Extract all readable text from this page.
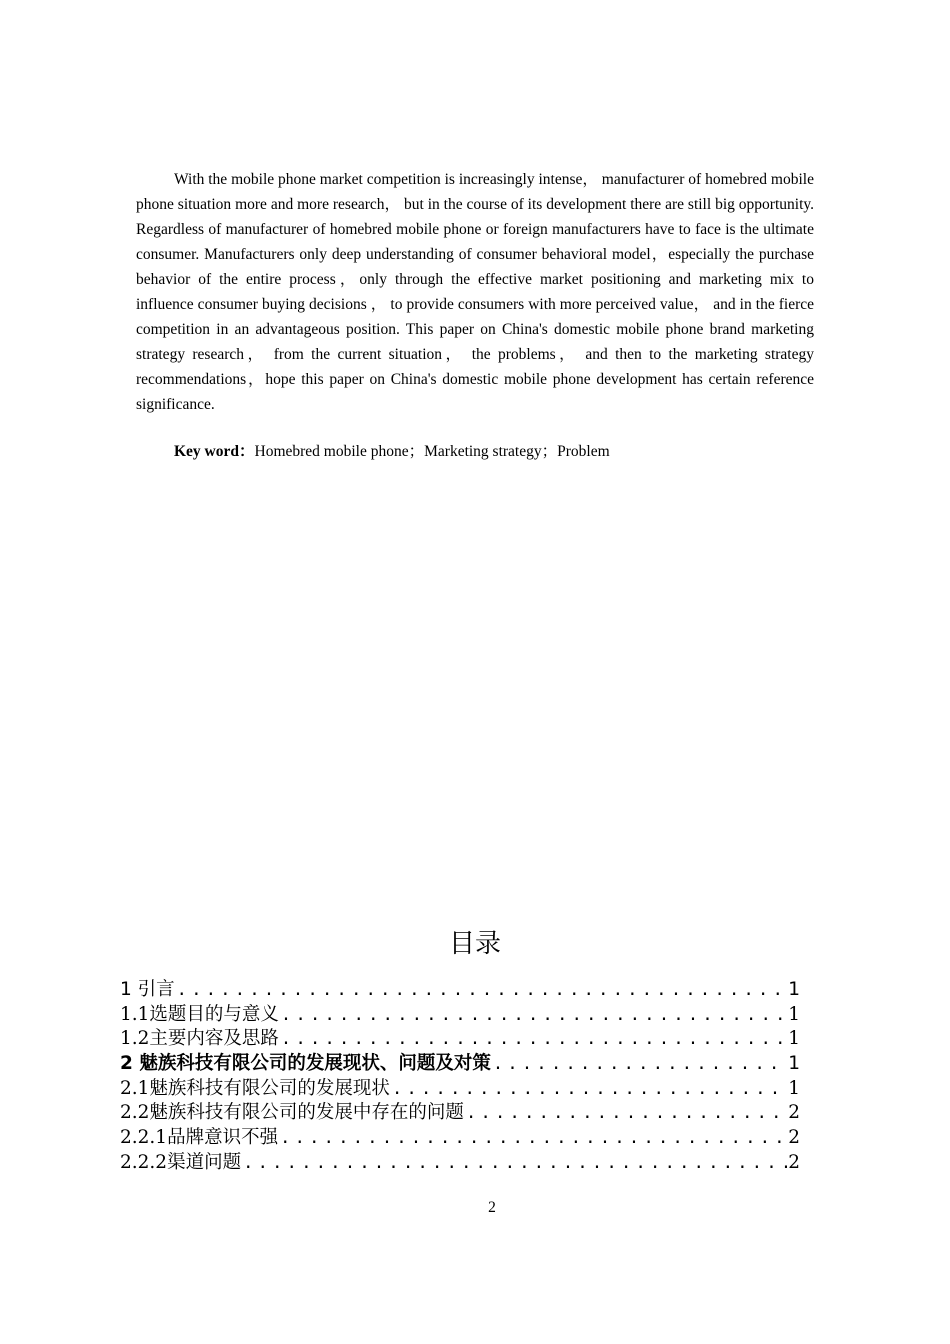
With the mobile phone market competition is increasingly intense， manufacturer of homebred mobile phone situation more and more research， but in the course of its development there are still big opportunity. Regardless of manufacturer of homebred mobile phone or foreign manufacturers have to face is the ultimate consumer. Manufacturers only deep understanding of consumer behavioral model，especially the purchase behavior of the entire process，only through the effective market positioning and marketing mix to influence consumer buying decisions ， to provide consumers with more perceived value， and in the fierce competition in an advantageous position. This paper on China's domestic mobile phone brand marketing strategy research， from the current situation， the problems， and then to the marketing strategy recommendations，hope this paper on China's domestic mobile phone development has certain reference significance.

Key word：Homebred mobile phone；Marketing strategy；Problem
目录
1 引言 .....	1
1.1选题目的与意义 .....	1
1.2主要内容及思路 .....	1
2 魅族科技有限公司的发展现状、问题及对策 .....	1
2.1魅族科技有限公司的发展现状 .....	1
2.2魅族科技有限公司的发展中存在的问题 .....	2
2.2.1品牌意识不强 .....	2
2.2.2渠道问题 .....	2
2
